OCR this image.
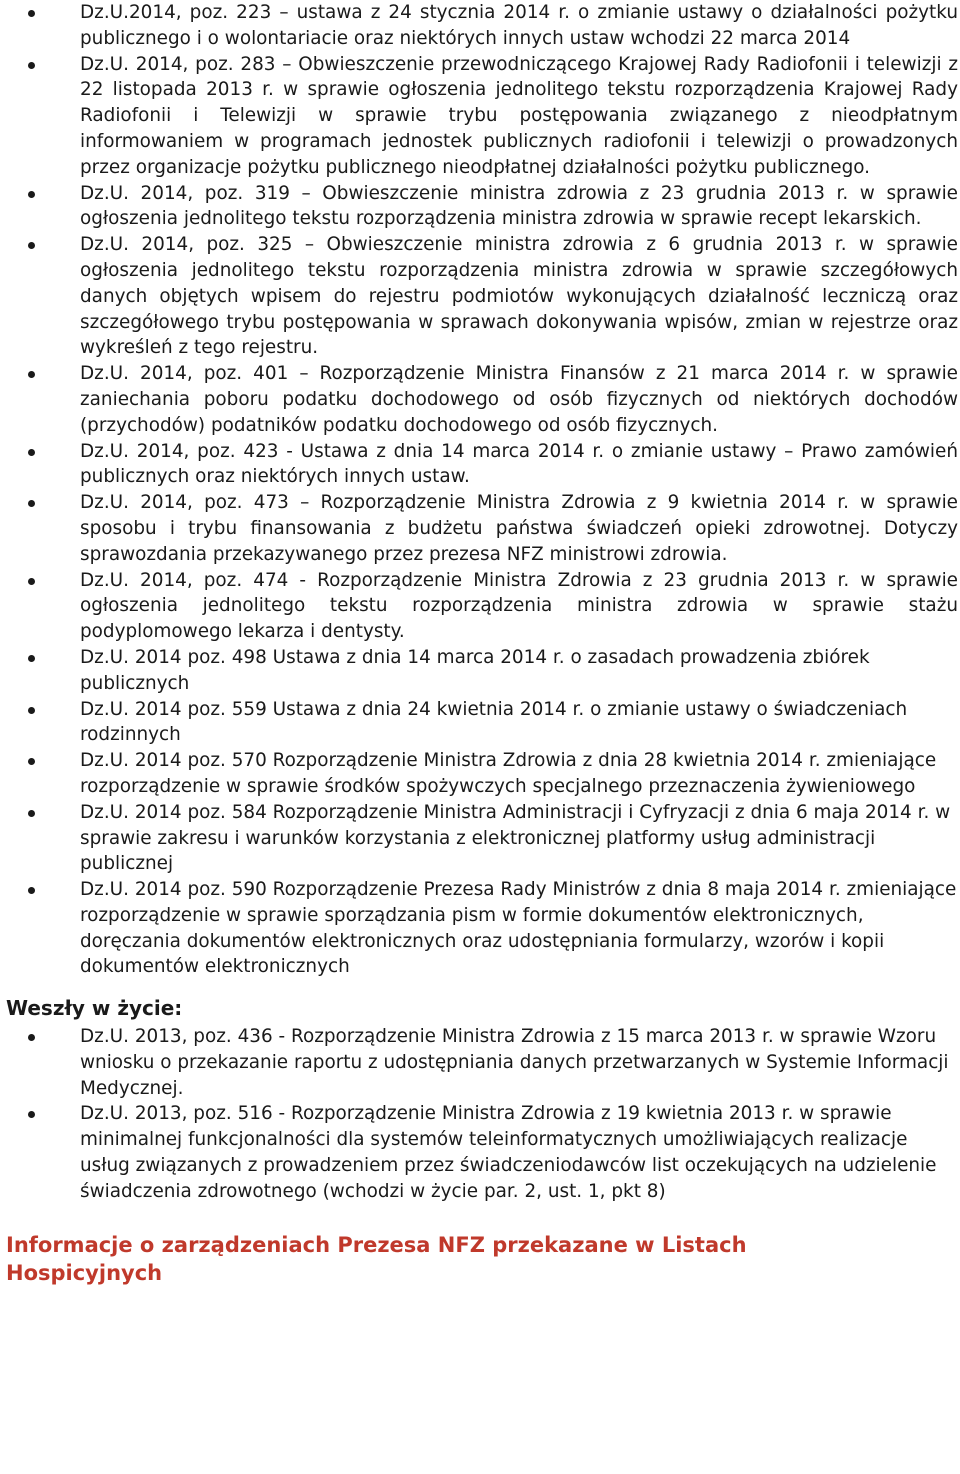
Dz.U.2014, poz. 223 – ustawa z 24 stycznia 2014 r. o zmianie ustawy o działalności pożytku publicznego i o wolontariacie oraz niektórych innych ustaw wchodzi 22 marca 2014
Dz.U. 2014, poz. 283 – Obwieszczenie przewodniczącego Krajowej Rady Radiofonii i telewizji z 22 listopada 2013 r. w sprawie ogłoszenia jednolitego tekstu rozporządzenia Krajowej Rady Radiofonii i Telewizji w sprawie trybu postępowania związanego z nieodpłatnym informowaniem w programach jednostek publicznych radiofonii i telewizji o prowadzonych przez organizacje pożytku publicznego nieodpłatnej działalności pożytku publicznego.
Dz.U. 2014, poz. 319 – Obwieszczenie ministra zdrowia z 23 grudnia 2013 r. w sprawie ogłoszenia jednolitego tekstu rozporządzenia ministra zdrowia w sprawie recept lekarskich.
Dz.U. 2014, poz. 325 – Obwieszczenie ministra zdrowia z 6 grudnia 2013 r. w sprawie ogłoszenia jednolitego tekstu rozporządzenia ministra zdrowia w sprawie szczegółowych danych objętych wpisem do rejestru podmiotów wykonujących działalność leczniczą oraz szczegółowego trybu postępowania w sprawach dokonywania wpisów, zmian w rejestrze oraz wykreśleń z tego rejestru.
Dz.U. 2014, poz. 401 – Rozporządzenie Ministra Finansów z 21 marca 2014 r. w sprawie zaniechania poboru podatku dochodowego od osób fizycznych od niektórych dochodów (przychodów) podatników podatku dochodowego od osób fizycznych.
Dz.U. 2014, poz. 423 - Ustawa z dnia 14 marca 2014 r. o zmianie ustawy – Prawo zamówień publicznych oraz niektórych innych ustaw.
Dz.U. 2014, poz. 473 – Rozporządzenie Ministra Zdrowia z 9 kwietnia 2014 r. w sprawie sposobu i trybu finansowania z budżetu państwa świadczeń opieki zdrowotnej. Dotyczy sprawozdania przekazywanego przez prezesa NFZ ministrowi zdrowia.
Dz.U. 2014, poz. 474 - Rozporządzenie Ministra Zdrowia z 23 grudnia 2013 r. w sprawie ogłoszenia jednolitego tekstu rozporządzenia ministra zdrowia w sprawie stażu podyplomowego lekarza i dentysty.
Dz.U. 2014 poz. 498 Ustawa z dnia 14 marca 2014 r. o zasadach prowadzenia zbiórek publicznych
Dz.U. 2014 poz. 559 Ustawa z dnia 24 kwietnia 2014 r. o zmianie ustawy o świadczeniach rodzinnych
Dz.U. 2014 poz. 570 Rozporządzenie Ministra Zdrowia z dnia 28 kwietnia 2014 r. zmieniające rozporządzenie w sprawie środków spożywczych specjalnego przeznaczenia żywieniowego
Dz.U. 2014 poz. 584 Rozporządzenie Ministra Administracji i Cyfryzacji z dnia 6 maja 2014 r. w sprawie zakresu i warunków korzystania z elektronicznej platformy usług administracji publicznej
Dz.U. 2014 poz. 590 Rozporządzenie Prezesa Rady Ministrów z dnia 8 maja 2014 r. zmieniające rozporządzenie w sprawie sporządzania pism w formie dokumentów elektronicznych, doręczania dokumentów elektronicznych oraz udostępniania formularzy, wzorów i kopii dokumentów elektronicznych
Weszły w życie:
Dz.U. 2013, poz. 436 - Rozporządzenie Ministra Zdrowia z 15 marca 2013 r. w sprawie Wzoru wniosku o przekazanie raportu z udostępniania danych przetwarzanych w Systemie Informacji Medycznej.
Dz.U. 2013, poz. 516 - Rozporządzenie Ministra Zdrowia z 19 kwietnia 2013 r. w sprawie minimalnej funkcjonalności dla systemów teleinformatycznych umożliwiających realizacje usług związanych z prowadzeniem przez świadczeniodawców list oczekujących na udzielenie świadczenia zdrowotnego (wchodzi w życie par. 2, ust. 1, pkt 8)
Informacje o zarządzeniach Prezesa NFZ przekazane w Listach Hospicyjnych
